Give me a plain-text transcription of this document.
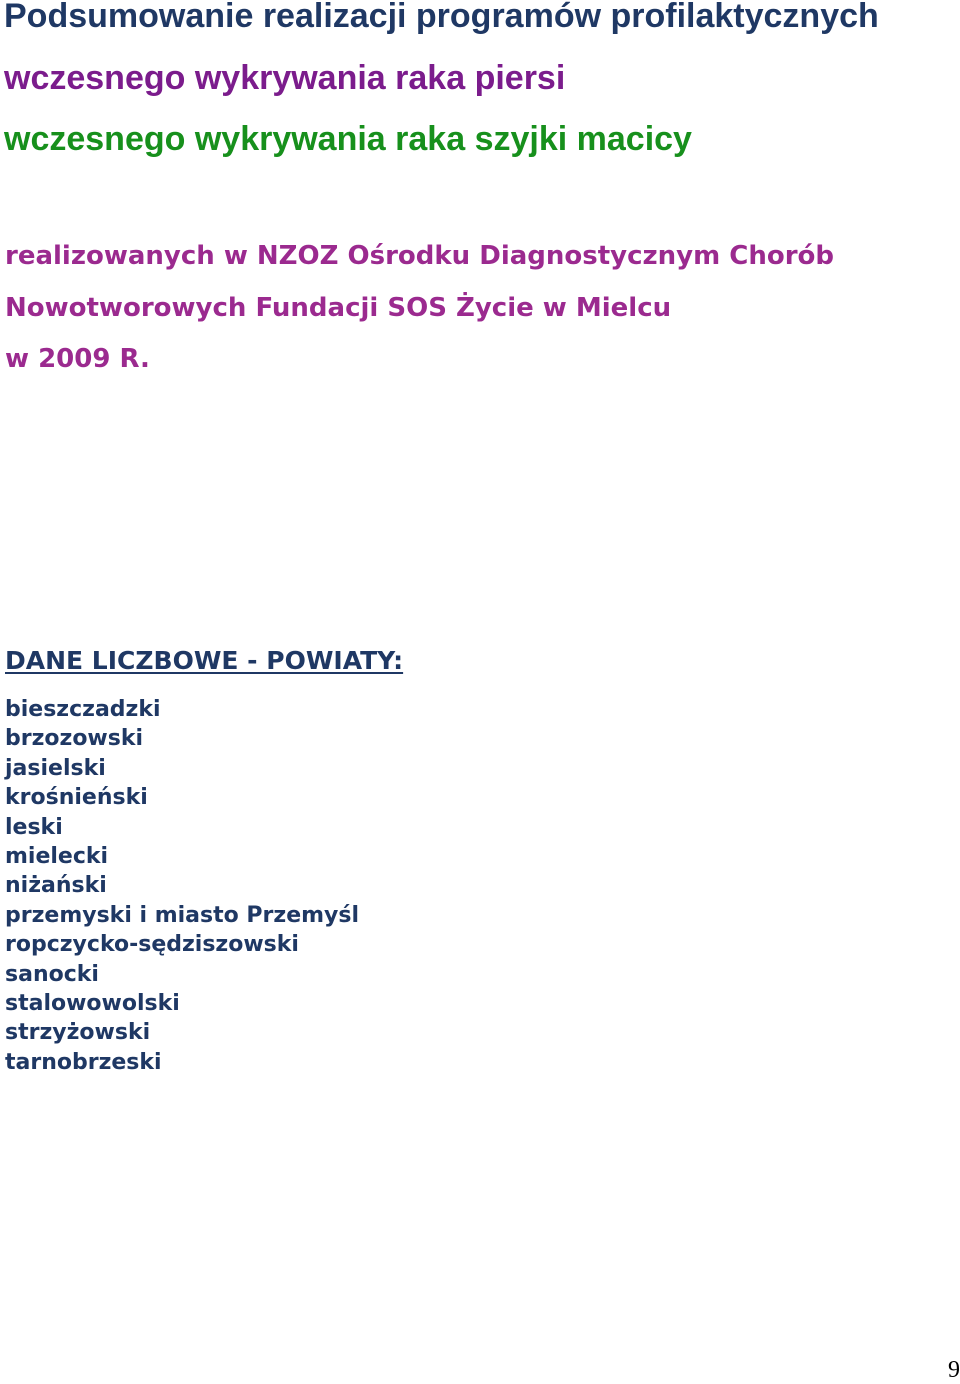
Podsumowanie realizacji programów profilaktycznych
wczesnego wykrywania raka piersi
wczesnego wykrywania raka szyjki macicy

realizowanych w NZOZ Ośrodku Diagnostycznym Chorób
Nowotworowych Fundacji SOS Życie w Mielcu
w 2009 R.

DANE LICZBOWE - POWIATY:
bieszczadzki
brzozowski
jasielski
krośnieński
leski
mielecki
niżański
przemyski i miasto Przemyśl
ropczycko-sędziszowski
sanocki
stalowowolski
strzyżowski
tarnobrzeski
9
